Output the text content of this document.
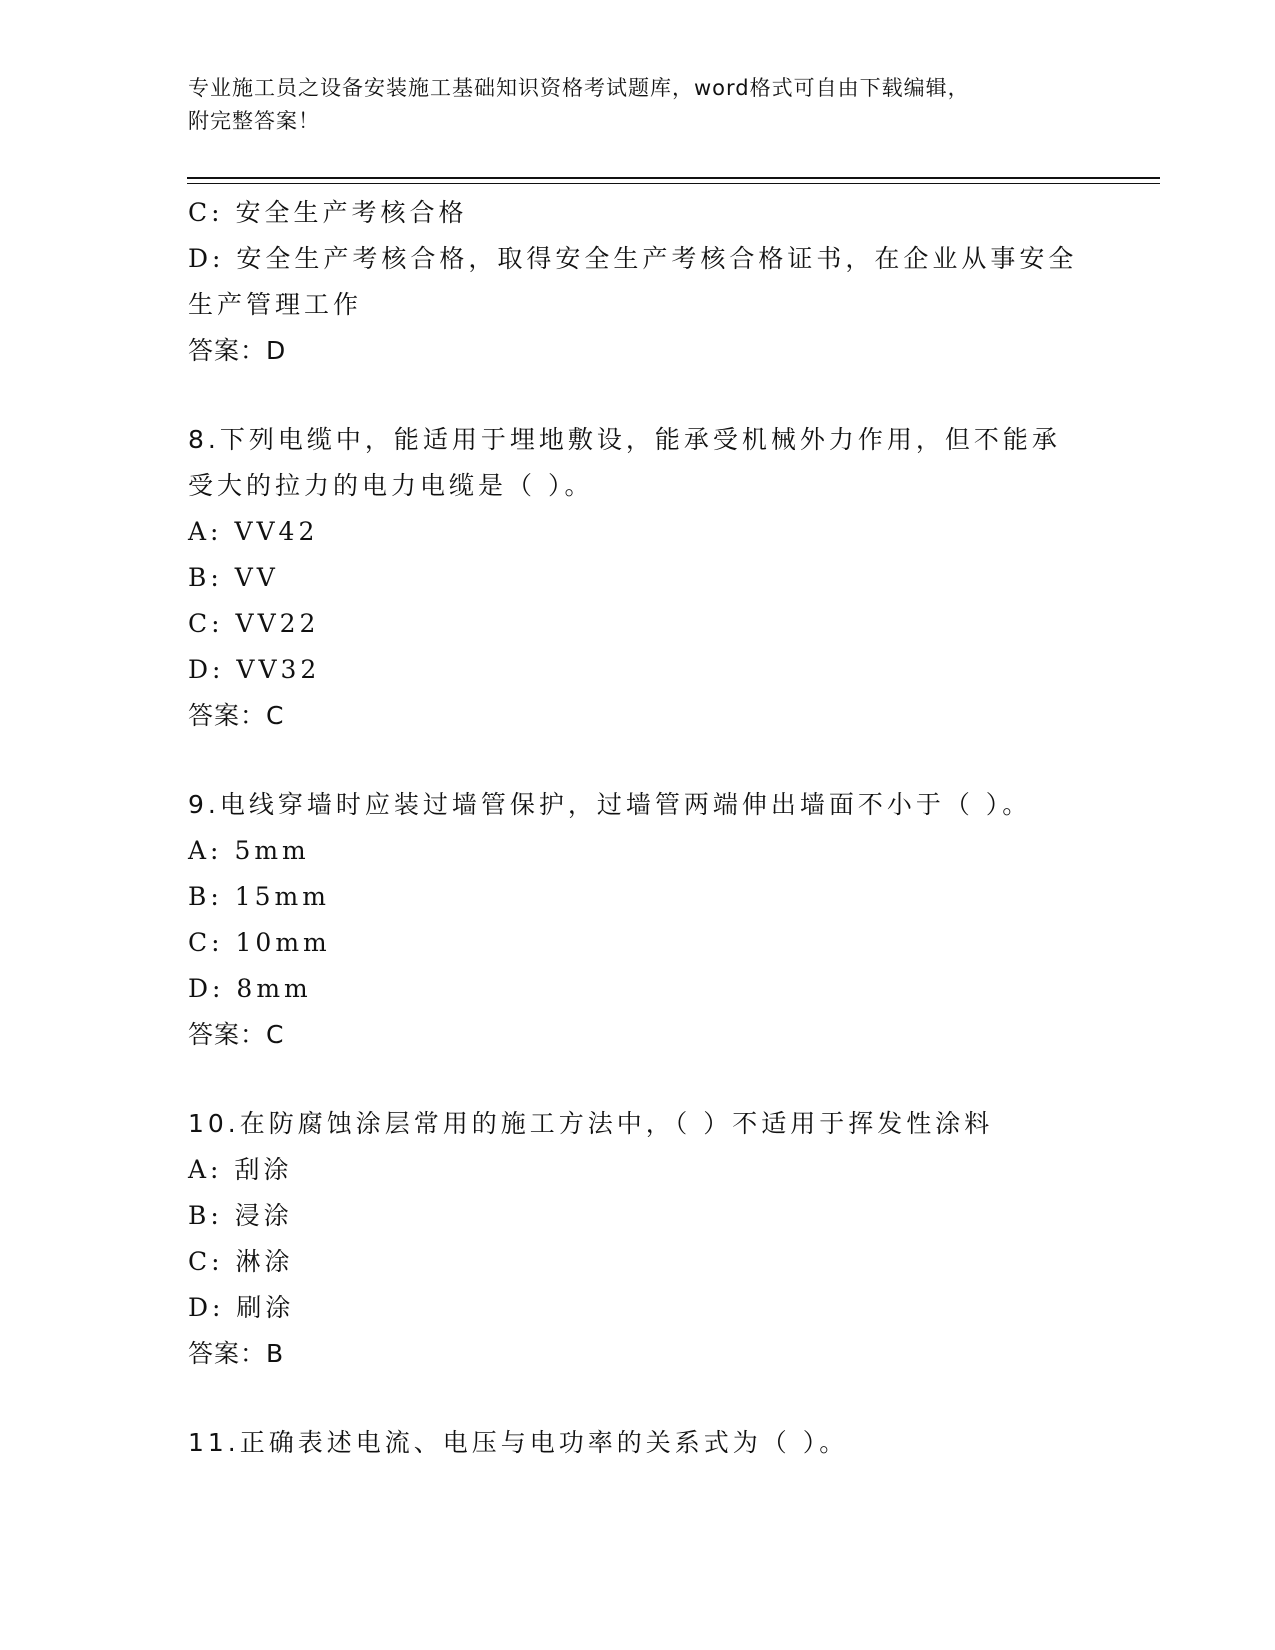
专业施工员之设备安装施工基础知识资格考试题库，word格式可自由下载编辑，
附完整答案！
C: 安全生产考核合格
D: 安全生产考核合格，取得安全生产考核合格证书，在企业从事安全
生产管理工作
答案：D
8.下列电缆中，能适用于埋地敷设，能承受机械外力作用，但不能承
受大的拉力的电力电缆是（ ）。
A: VV42
B: VV
C: VV22
D: VV32
答案：C
9.电线穿墙时应装过墙管保护，过墙管两端伸出墙面不小于（ ）。
A: 5mm
B: 15mm
C: 10mm
D: 8mm
答案：C
10.在防腐蚀涂层常用的施工方法中，（ ）不适用于挥发性涂料
A: 刮涂
B: 浸涂
C: 淋涂
D: 刷涂
答案：B
11.正确表述电流、电压与电功率的关系式为（ ）。
